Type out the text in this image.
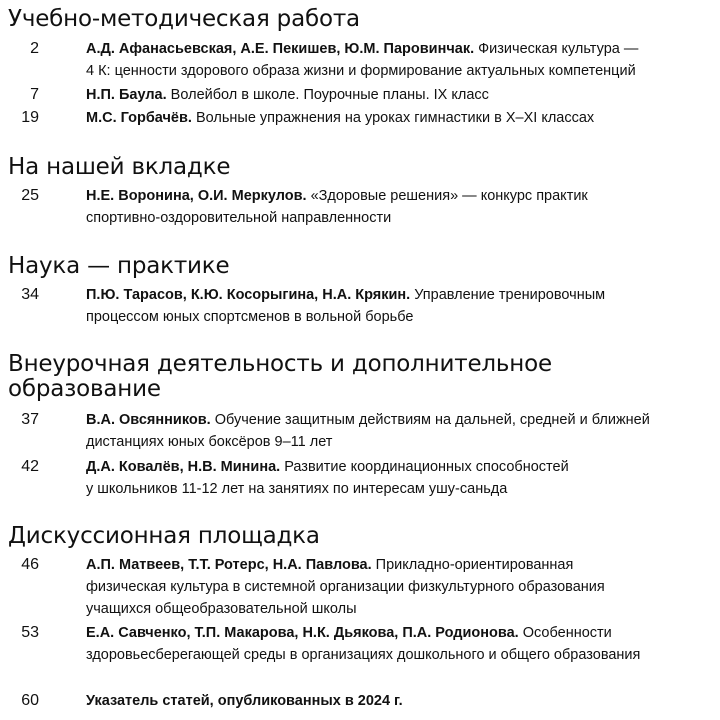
Учебно-методическая работа
2	А.Д. Афанасьевская, А.Е. Пекишев, Ю.М. Паровинчак. Физическая культура —
4 К: ценности здорового образа жизни и формирование актуальных компетенций
7	Н.П. Баула. Волейбол в школе. Поурочные планы. IX класс
19	М.С. Горбачёв. Вольные упражнения на уроках гимнастики в X–XI классах
На нашей вкладке
25	Н.Е. Воронина, О.И. Меркулов. «Здоровые решения» — конкурс практик
спортивно-оздоровительной направленности
Наука — практике
34	П.Ю. Тарасов, К.Ю. Косорыгина, Н.А. Крякин. Управление тренировочным
процессом юных спортсменов в вольной борьбе
Внеурочная деятельность и дополнительное
образование
37	В.А. Овсянников. Обучение защитным действиям на дальней, средней и ближней
дистанциях юных боксёров 9–11 лет
42	Д.А. Ковалёв, Н.В. Минина. Развитие координационных способностей
у школьников 11-12 лет на занятиях по интересам ушу-саньда
Дискуссионная площадка
46	А.П. Матвеев, Т.Т. Ротерс, Н.А. Павлова. Прикладно-ориентированная
физическая культура в системной организации физкультурного образования
учащихся общеобразовательной школы
53	Е.А. Савченко, Т.П. Макарова, Н.К. Дьякова, П.А. Родионова. Особенности
здоровьесберегающей среды в организациях дошкольного и общего образования
60	Указатель статей, опубликованных в 2024 г.
